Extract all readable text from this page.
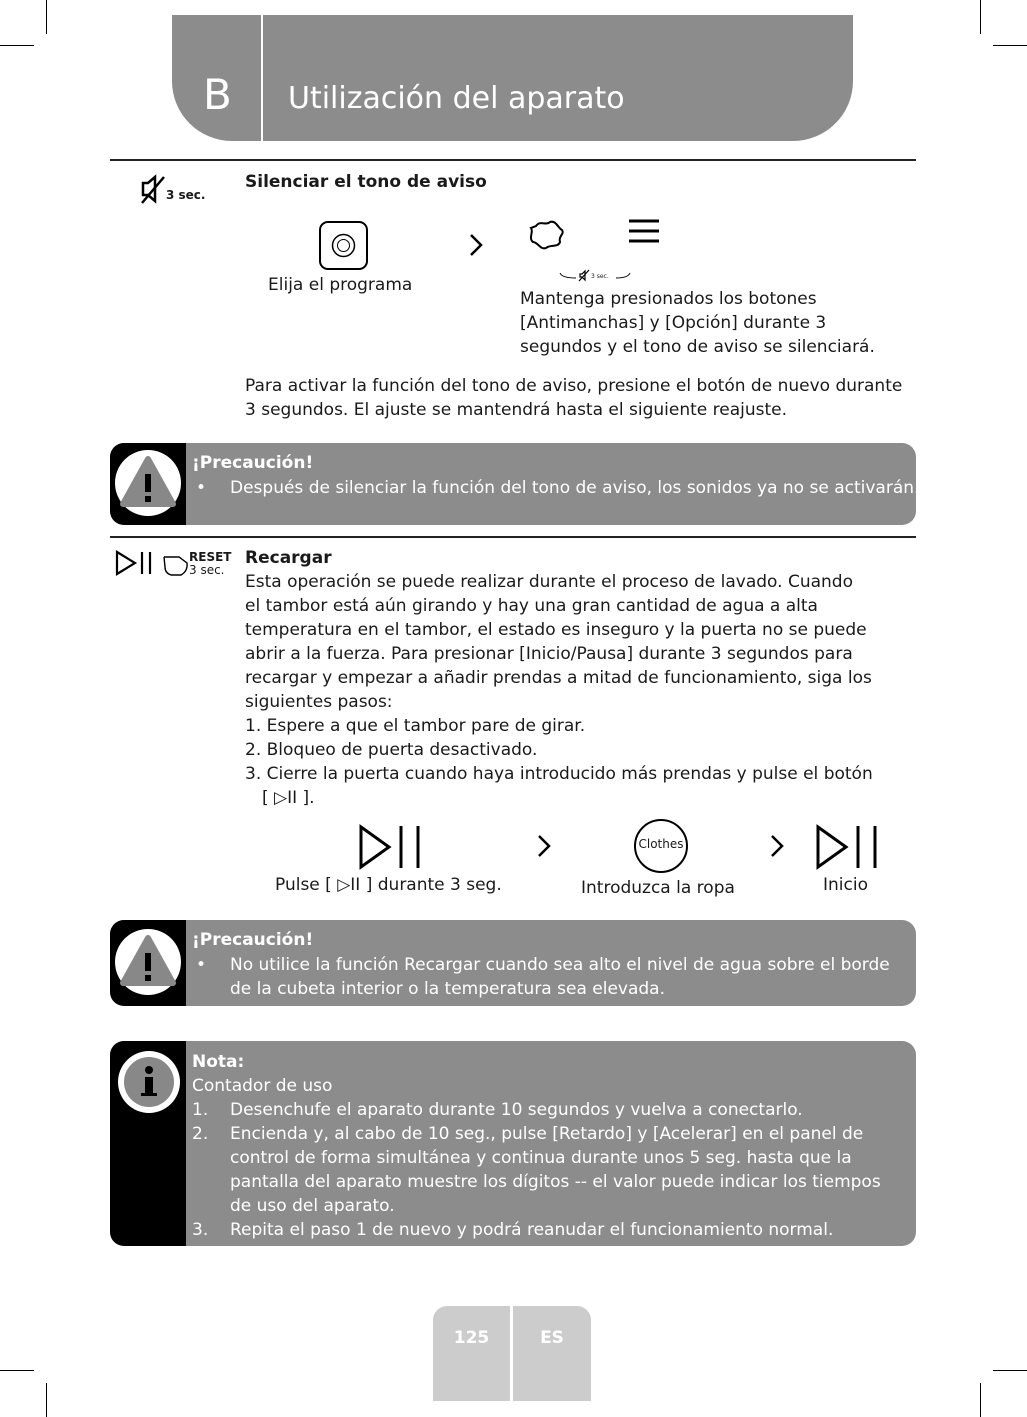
B Utilización del aparato
3 sec.
Silenciar el tono de aviso
Elija el programa	3 sec.
Mantenga presionados los botones
[Antimanchas] y [Opción] durante 3
segundos y el tono de aviso se silenciará.
Para activar la función del tono de aviso, presione el botón de nuevo durante
3 segundos. El ajuste se mantendrá hasta el siguiente reajuste.
¡Precaución!
• Después de silenciar la función del tono de aviso, los sonidos ya no se activarán.
RESET
3 sec.
Recargar
Esta operación se puede realizar durante el proceso de lavado. Cuando
el tambor está aún girando y hay una gran cantidad de agua a alta
temperatura en el tambor, el estado es inseguro y la puerta no se puede
abrir a la fuerza. Para presionar [Inicio/Pausa] durante 3 segundos para
recargar y empezar a añadir prendas a mitad de funcionamiento, siga los
siguientes pasos:
1. Espere a que el tambor pare de girar.
2. Bloqueo de puerta desactivado.
3. Cierre la puerta cuando haya introducido más prendas y pulse el botón
[ ▷II ].
Pulse [ ▷II ] durante 3 seg.
Clothes
Introduzca la ropa	Inicio
¡Precaución!
• No utilice la función Recargar cuando sea alto el nivel de agua sobre el borde
de la cubeta interior o la temperatura sea elevada.
Nota:
Contador de uso
1. Desenchufe el aparato durante 10 segundos y vuelva a conectarlo.
2. Encienda y, al cabo de 10 seg., pulse [Retardo] y [Acelerar] en el panel de
control de forma simultánea y continua durante unos 5 seg. hasta que la
pantalla del aparato muestre los dígitos -- el valor puede indicar los tiempos
de uso del aparato.
3. Repita el paso 1 de nuevo y podrá reanudar el funcionamiento normal.
125	ES
